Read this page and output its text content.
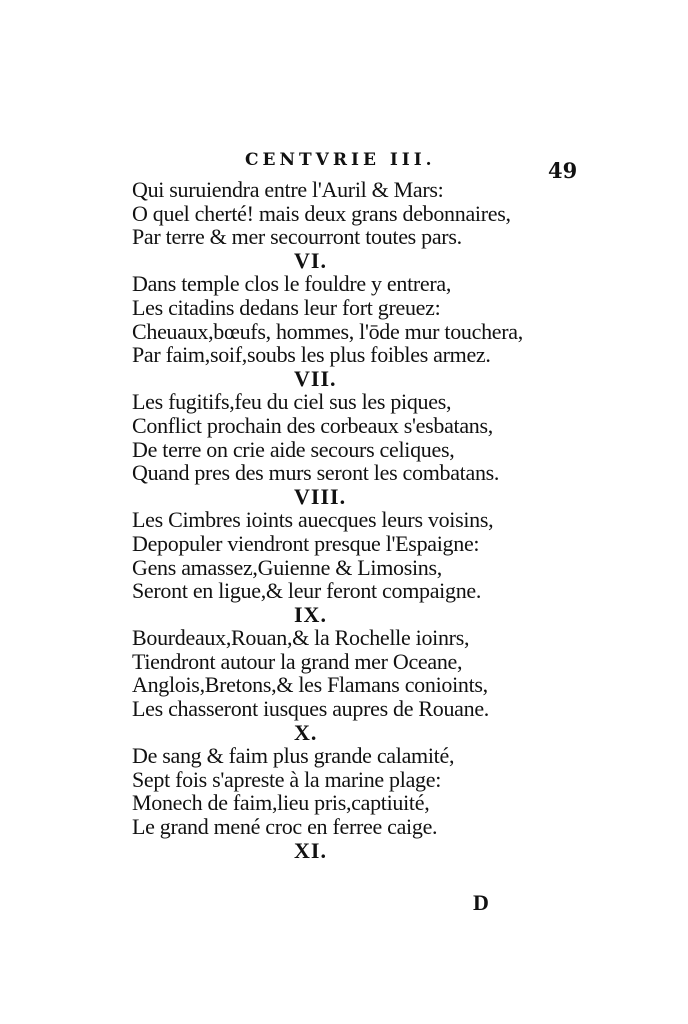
CENTVRIE III.	49
Qui suruiendra entre l'Auril & Mars:
O quel cherté! mais deux grans debonnaires,
Par terre & mer secourront toutes pars.
VI.
Dans temple clos le fouldre y entrera,
Les citadins dedans leur fort greuez:
Cheuaux,bœufs, hommes, l'ōde mur touchera,
Par faim,soif,soubs les plus foibles armez.
VII.
Les fugitifs,feu du ciel sus les piques,
Conflict prochain des corbeaux s'esbatans,
De terre on crie aide secours celiques,
Quand pres des murs seront les combatans.
VIII.
Les Cimbres ioints auecques leurs voisins,
Depopuler viendront presque l'Espaigne:
Gens amassez,Guienne & Limosins,
Seront en ligue,& leur feront compaigne.
IX.
Bourdeaux,Rouan,& la Rochelle ioinrs,
Tiendront autour la grand mer Oceane,
Anglois,Bretons,& les Flamans conioints,
Les chasseront iusques aupres de Rouane.
X.
De sang & faim plus grande calamité,
Sept fois s'apreste à la marine plage:
Monech de faim,lieu pris,captiuité,
Le grand mené croc en ferree caige.
XI.
D
